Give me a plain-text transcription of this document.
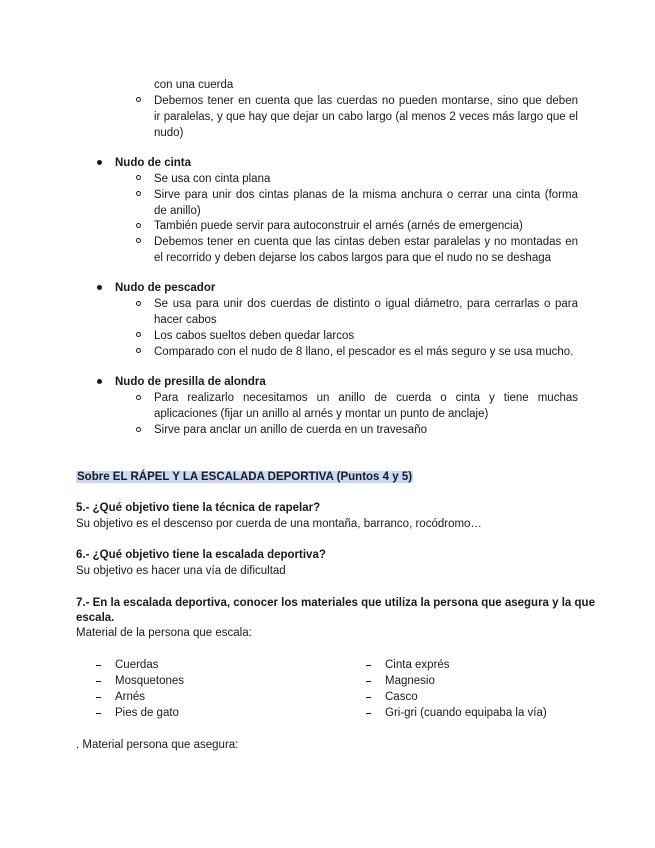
con una cuerda
Debemos tener en cuenta que las cuerdas no pueden montarse, sino que deben
ir paralelas, y que hay que dejar un cabo largo (al menos 2 veces más largo que el
nudo)
Nudo de cinta
Se usa con cinta plana
Sirve para unir dos cintas planas de la misma anchura o cerrar una cinta (forma
de anillo)
También puede servir para autoconstruir el arnés (arnés de emergencia)
Debemos tener en cuenta que las cintas deben estar paralelas y no montadas en
el recorrido y deben dejarse los cabos largos para que el nudo no se deshaga
Nudo de pescador
Se usa para unir dos cuerdas de distinto o igual diámetro, para cerrarlas o para
hacer cabos
Los cabos sueltos deben quedar larcos
Comparado con el nudo de 8 llano, el pescador es el más seguro y se usa mucho.
Nudo de presilla de alondra
Para realizarlo necesitamos un anillo de cuerda o cinta y tiene muchas
aplicaciones (fijar un anillo al arnés y montar un punto de anclaje)
Sirve para anclar un anillo de cuerda en un travesaño
Sobre EL RÁPEL Y LA ESCALADA DEPORTIVA (Puntos 4 y 5)
5.- ¿Qué objetivo tiene la técnica de rapelar?
Su objetivo es el descenso por cuerda de una montaña, barranco, rocódromo…
6.- ¿Qué objetivo tiene la escalada deportiva?
Su objetivo es hacer una vía de dificultad
7.- En la escalada deportiva, conocer los materiales que utiliza la persona que asegura y la que
escala.
Material de la persona que escala:
Cuerdas
Mosquetones
Arnés
Pies de gato
Cinta exprés
Magnesio
Casco
Gri-gri (cuando equipaba la vía)
. Material persona que asegura:
